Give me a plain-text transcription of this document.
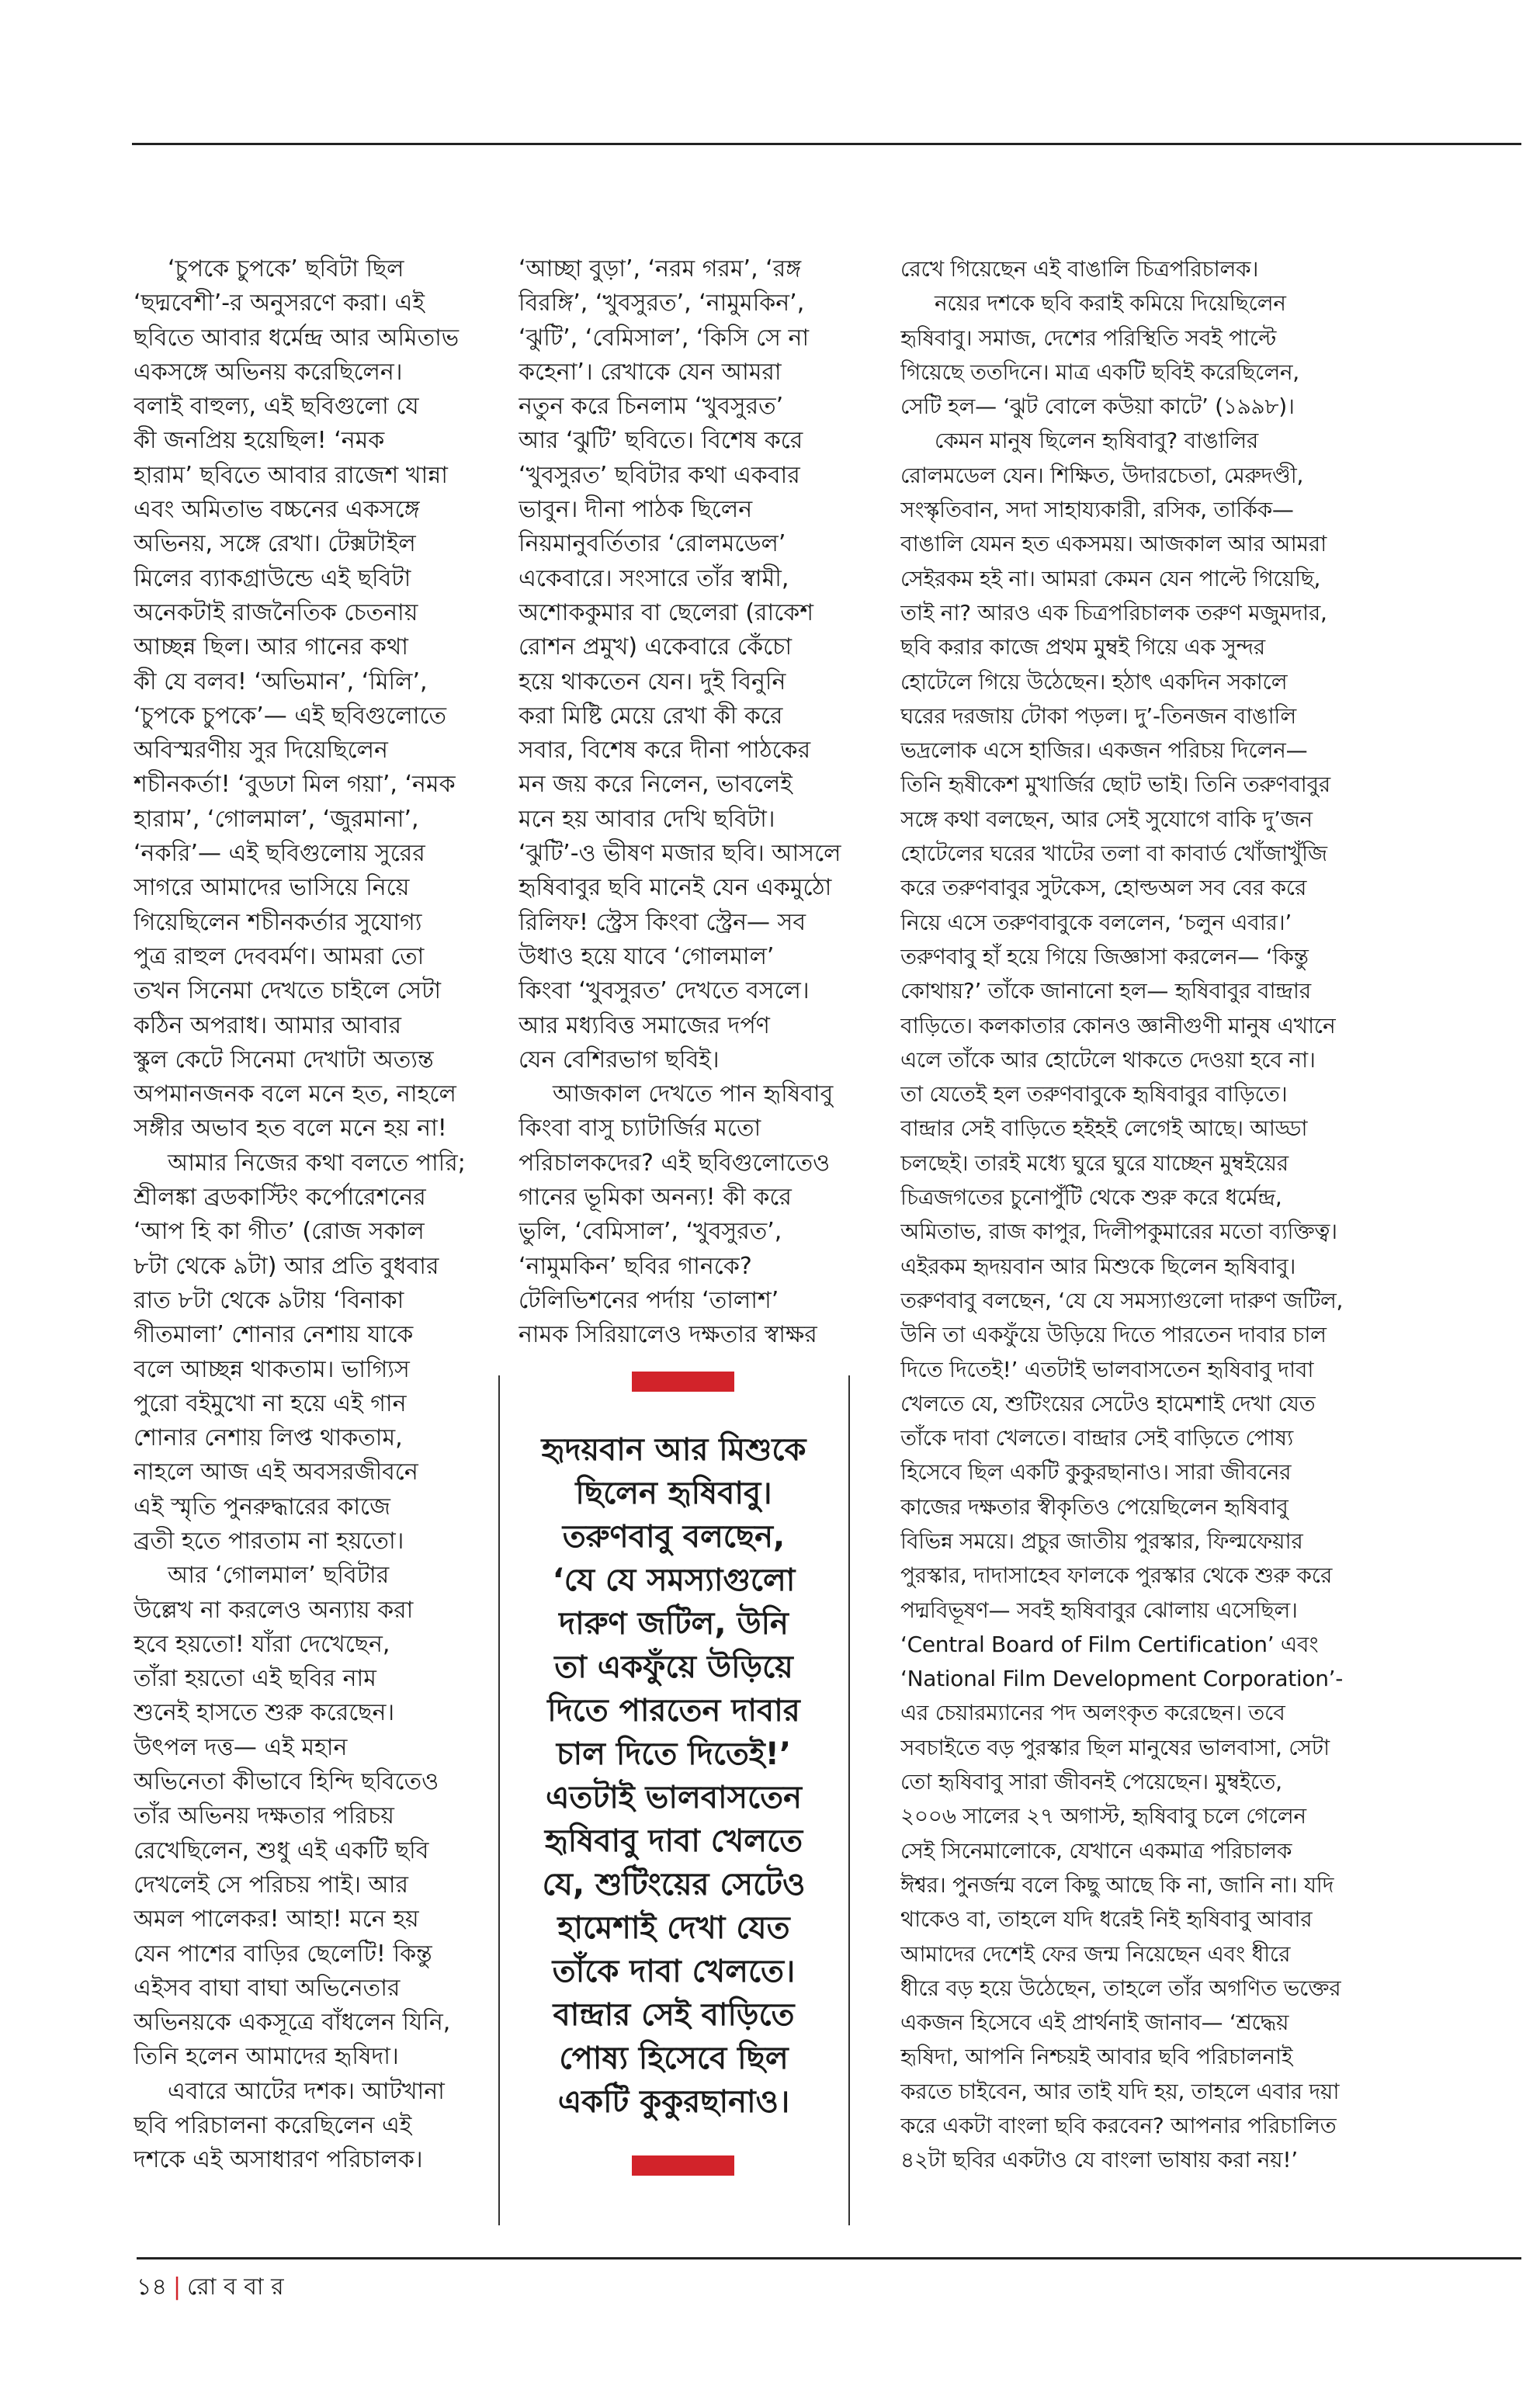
‘চুপকে চুপকে’ ছবিটা ছিল
‘ছদ্মবেশী’-র অনুসরণে করা। এই
ছবিতে আবার ধর্মেন্দ্র আর অমিতাভ
একসঙ্গে অভিনয় করেছিলেন।
বলাই বাহুল্য, এই ছবিগুলো যে
কী জনপ্রিয় হয়েছিল! ‘নমক
হারাম’ ছবিতে আবার রাজেশ খান্না
এবং অমিতাভ বচ্চনের একসঙ্গে
অভিনয়, সঙ্গে রেখা। টেক্সটাইল
মিলের ব্যাকগ্রাউন্ডে এই ছবিটা
অনেকটাই রাজনৈতিক চেতনায়
আচ্ছন্ন ছিল। আর গানের কথা
কী যে বলব! ‘অভিমান’, ‘মিলি’,
‘চুপকে চুপকে’— এই ছবিগুলোতে
অবিস্মরণীয় সুর দিয়েছিলেন
শচীনকর্তা! ‘বুডঢা মিল গয়া’, ‘নমক
হারাম’, ‘গোলমাল’, ‘জুরমানা’,
‘নকরি’— এই ছবিগুলোয় সুরের
সাগরে আমাদের ভাসিয়ে নিয়ে
গিয়েছিলেন শচীনকর্তার সুযোগ্য
পুত্র রাহুল দেববর্মণ। আমরা তো
তখন সিনেমা দেখতে চাইলে সেটা
কঠিন অপরাধ। আমার আবার
স্কুল কেটে সিনেমা দেখাটা অত্যন্ত
অপমানজনক বলে মনে হত, নাহলে
সঙ্গীর অভাব হত বলে মনে হয় না!
আমার নিজের কথা বলতে পারি;
শ্রীলঙ্কা ব্রডকাস্টিং কর্পোরেশনের
‘আপ হি কা গীত’ (রোজ সকাল
৮টা থেকে ৯টা) আর প্রতি বুধবার
রাত ৮টা থেকে ৯টায় ‘বিনাকা
গীতমালা’ শোনার নেশায় যাকে
বলে আচ্ছন্ন থাকতাম। ভাগ্যিস
পুরো বইমুখো না হয়ে এই গান
শোনার নেশায় লিপ্ত থাকতাম,
নাহলে আজ এই অবসরজীবনে
এই স্মৃতি পুনরুদ্ধারের কাজে
ব্রতী হতে পারতাম না হয়তো।
আর ‘গোলমাল’ ছবিটার
উল্লেখ না করলেও অন্যায় করা
হবে হয়তো! যাঁরা দেখেছেন,
তাঁরা হয়তো এই ছবির নাম
শুনেই হাসতে শুরু করেছেন।
উৎপল দত্ত— এই মহান
অভিনেতা কীভাবে হিন্দি ছবিতেও
তাঁর অভিনয় দক্ষতার পরিচয়
রেখেছিলেন, শুধু এই একটি ছবি
দেখলেই সে পরিচয় পাই। আর
অমল পালেকর! আহা! মনে হয়
যেন পাশের বাড়ির ছেলেটি! কিন্তু
এইসব বাঘা বাঘা অভিনেতার
অভিনয়কে একসূত্রে বাঁধলেন যিনি,
তিনি হলেন আমাদের হৃষিদা।
এবারে আটের দশক। আটখানা
ছবি পরিচালনা করেছিলেন এই
দশকে এই অসাধারণ পরিচালক।
‘আচ্ছা বুড়া’, ‘নরম গরম’, ‘রঙ্গ
বিরঙ্গি’, ‘খুবসুরত’, ‘নামুমকিন’,
‘ঝুটি’, ‘বেমিসাল’, ‘কিসি সে না
কহেনা’। রেখাকে যেন আমরা
নতুন করে চিনলাম ‘খুবসুরত’
আর ‘ঝুটি’ ছবিতে। বিশেষ করে
‘খুবসুরত’ ছবিটার কথা একবার
ভাবুন। দীনা পাঠক ছিলেন
নিয়মানুবর্তিতার ‘রোলমডেল’
একেবারে। সংসারে তাঁর স্বামী,
অশোককুমার বা ছেলেরা (রাকেশ
রোশন প্রমুখ) একেবারে কেঁচো
হয়ে থাকতেন যেন। দুই বিনুনি
করা মিষ্টি মেয়ে রেখা কী করে
সবার, বিশেষ করে দীনা পাঠকের
মন জয় করে নিলেন, ভাবলেই
মনে হয় আবার দেখি ছবিটা।
‘ঝুটি’-ও ভীষণ মজার ছবি। আসলে
হৃষিবাবুর ছবি মানেই যেন একমুঠো
রিলিফ! স্ট্রেস কিংবা স্ট্রেন— সব
উধাও হয়ে যাবে ‘গোলমাল’
কিংবা ‘খুবসুরত’ দেখতে বসলে।
আর মধ্যবিত্ত সমাজের দর্পণ
যেন বেশিরভাগ ছবিই।
আজকাল দেখতে পান হৃষিবাবু
কিংবা বাসু চ্যাটার্জির মতো
পরিচালকদের? এই ছবিগুলোতেও
গানের ভূমিকা অনন্য! কী করে
ভুলি, ‘বেমিসাল’, ‘খুবসুরত’,
‘নামুমকিন’ ছবির গানকে?
টেলিভিশনের পর্দায় ‘তালাশ’
নামক সিরিয়ালেও দক্ষতার স্বাক্ষর
রেখে গিয়েছেন এই বাঙালি চিত্রপরিচালক।
নয়ের দশকে ছবি করাই কমিয়ে দিয়েছিলেন
হৃষিবাবু। সমাজ, দেশের পরিস্থিতি সবই পাল্টে
গিয়েছে ততদিনে। মাত্র একটি ছবিই করেছিলেন,
সেটি হল— ‘ঝুট বোলে কউয়া কাটে’ (১৯৯৮)।
কেমন মানুষ ছিলেন হৃষিবাবু? বাঙালির
রোলমডেল যেন। শিক্ষিত, উদারচেতা, মেরুদণ্ডী,
সংস্কৃতিবান, সদা সাহায্যকারী, রসিক, তার্কিক—
বাঙালি যেমন হত একসময়। আজকাল আর আমরা
সেইরকম হই না। আমরা কেমন যেন পাল্টে গিয়েছি,
তাই না? আরও এক চিত্রপরিচালক তরুণ মজুমদার,
ছবি করার কাজে প্রথম মুম্বই গিয়ে এক সুন্দর
হোটেলে গিয়ে উঠেছেন। হঠাৎ একদিন সকালে
ঘরের দরজায় টোকা পড়ল। দু’-তিনজন বাঙালি
ভদ্রলোক এসে হাজির। একজন পরিচয় দিলেন—
তিনি হৃষীকেশ মুখার্জির ছোট ভাই। তিনি তরুণবাবুর
সঙ্গে কথা বলছেন, আর সেই সুযোগে বাকি দু’জন
হোটেলের ঘরের খাটের তলা বা কাবার্ড খোঁজাখুঁজি
করে তরুণবাবুর সুটকেস, হোল্ডঅল সব বের করে
নিয়ে এসে তরুণবাবুকে বললেন, ‘চলুন এবার।’
তরুণবাবু হাঁ হয়ে গিয়ে জিজ্ঞাসা করলেন— ‘কিন্তু
কোথায়?’ তাঁকে জানানো হল— হৃষিবাবুর বান্দ্রার
বাড়িতে। কলকাতার কোনও জ্ঞানীগুণী মানুষ এখানে
এলে তাঁকে আর হোটেলে থাকতে দেওয়া হবে না।
তা যেতেই হল তরুণবাবুকে হৃষিবাবুর বাড়িতে।
বান্দ্রার সেই বাড়িতে হইহই লেগেই আছে। আড্ডা
চলছেই। তারই মধ্যে ঘুরে ঘুরে যাচ্ছেন মুম্বইয়ের
চিত্রজগতের চুনোপুঁটি থেকে শুরু করে ধর্মেন্দ্র,
অমিতাভ, রাজ কাপুর, দিলীপকুমারের মতো ব্যক্তিত্ব।
এইরকম হৃদয়বান আর মিশুকে ছিলেন হৃষিবাবু।
তরুণবাবু বলছেন, ‘যে যে সমস্যাগুলো দারুণ জটিল,
উনি তা একফুঁয়ে উড়িয়ে দিতে পারতেন দাবার চাল
দিতে দিতেই!’ এতটাই ভালবাসতেন হৃষিবাবু দাবা
খেলতে যে, শুটিংয়ের সেটেও হামেশাই দেখা যেত
তাঁকে দাবা খেলতে। বান্দ্রার সেই বাড়িতে পোষ্য
হিসেবে ছিল একটি কুকুরছানাও। সারা জীবনের
কাজের দক্ষতার স্বীকৃতিও পেয়েছিলেন হৃষিবাবু
বিভিন্ন সময়ে। প্রচুর জাতীয় পুরস্কার, ফিল্মফেয়ার
পুরস্কার, দাদাসাহেব ফালকে পুরস্কার থেকে শুরু করে
পদ্মবিভূষণ— সবই হৃষিবাবুর ঝোলায় এসেছিল।
‘Central Board of Film Certification’ এবং
‘National Film Development Corporation’-
এর চেয়ারম্যানের পদ অলংকৃত করেছেন। তবে
সবচাইতে বড় পুরস্কার ছিল মানুষের ভালবাসা, সেটা
তো হৃষিবাবু সারা জীবনই পেয়েছেন। মুম্বইতে,
২০০৬ সালের ২৭ অগাস্ট, হৃষিবাবু চলে গেলেন
সেই সিনেমালোকে, যেখানে একমাত্র পরিচালক
ঈশ্বর। পুনর্জন্ম বলে কিছু আছে কি না, জানি না। যদি
থাকেও বা, তাহলে যদি ধরেই নিই হৃষিবাবু আবার
আমাদের দেশেই ফের জন্ম নিয়েছেন এবং ধীরে
ধীরে বড় হয়ে উঠেছেন, তাহলে তাঁর অগণিত ভক্তের
একজন হিসেবে এই প্রার্থনাই জানাব— ‘শ্রদ্ধেয়
হৃষিদা, আপনি নিশ্চয়ই আবার ছবি পরিচালনাই
করতে চাইবেন, আর তাই যদি হয়, তাহলে এবার দয়া
করে একটা বাংলা ছবি করবেন? আপনার পরিচালিত
৪২টা ছবির একটাও যে বাংলা ভাষায় করা নয়!’
হৃদয়বান আর মিশুকে
ছিলেন হৃষিবাবু।
তরুণবাবু বলছেন,
‘যে যে সমস্যাগুলো
দারুণ জটিল, উনি
তা একফুঁয়ে উড়িয়ে
দিতে পারতেন দাবার
চাল দিতে দিতেই!’
এতটাই ভালবাসতেন
হৃষিবাবু দাবা খেলতে
যে, শুটিংয়ের সেটেও
হামেশাই দেখা যেত
তাঁকে দাবা খেলতে।
বান্দ্রার সেই বাড়িতে
পোষ্য হিসেবে ছিল
একটি কুকুরছানাও।
১৪ | রো ব বা র
